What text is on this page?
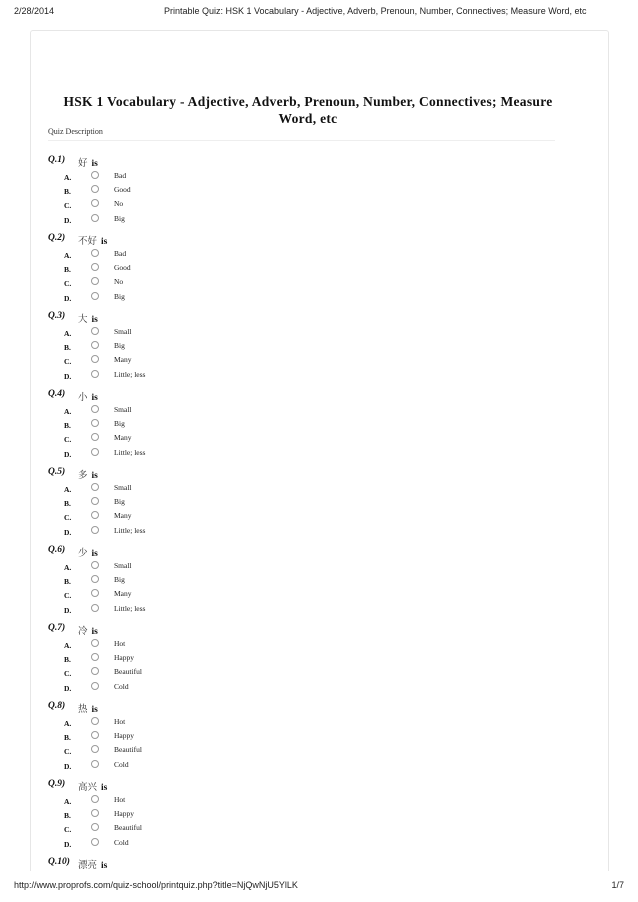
2/28/2014	Printable Quiz: HSK 1 Vocabulary - Adjective, Adverb, Prenoun, Number, Connectives; Measure Word, etc
HSK 1 Vocabulary - Adjective, Adverb, Prenoun, Number, Connectives; Measure Word, etc
Quiz Description
Q.1) 好 is
A.	Bad
B.	Good
C.	No
D.	Big
Q.2) 不好 is
A.	Bad
B.	Good
C.	No
D.	Big
Q.3) 大 is
A.	Small
B.	Big
C.	Many
D.	Little; less
Q.4) 小 is
A.	Small
B.	Big
C.	Many
D.	Little; less
Q.5) 多 is
A.	Small
B.	Big
C.	Many
D.	Little; less
Q.6) 少 is
A.	Small
B.	Big
C.	Many
D.	Little; less
Q.7) 冷 is
A.	Hot
B.	Happy
C.	Beautiful
D.	Cold
Q.8) 热 is
A.	Hot
B.	Happy
C.	Beautiful
D.	Cold
Q.9) 高兴 is
A.	Hot
B.	Happy
C.	Beautiful
D.	Cold
Q.10) 漂亮 is
http://www.proprofs.com/quiz-school/printquiz.php?title=NjQwNjU5YlLK	1/7
